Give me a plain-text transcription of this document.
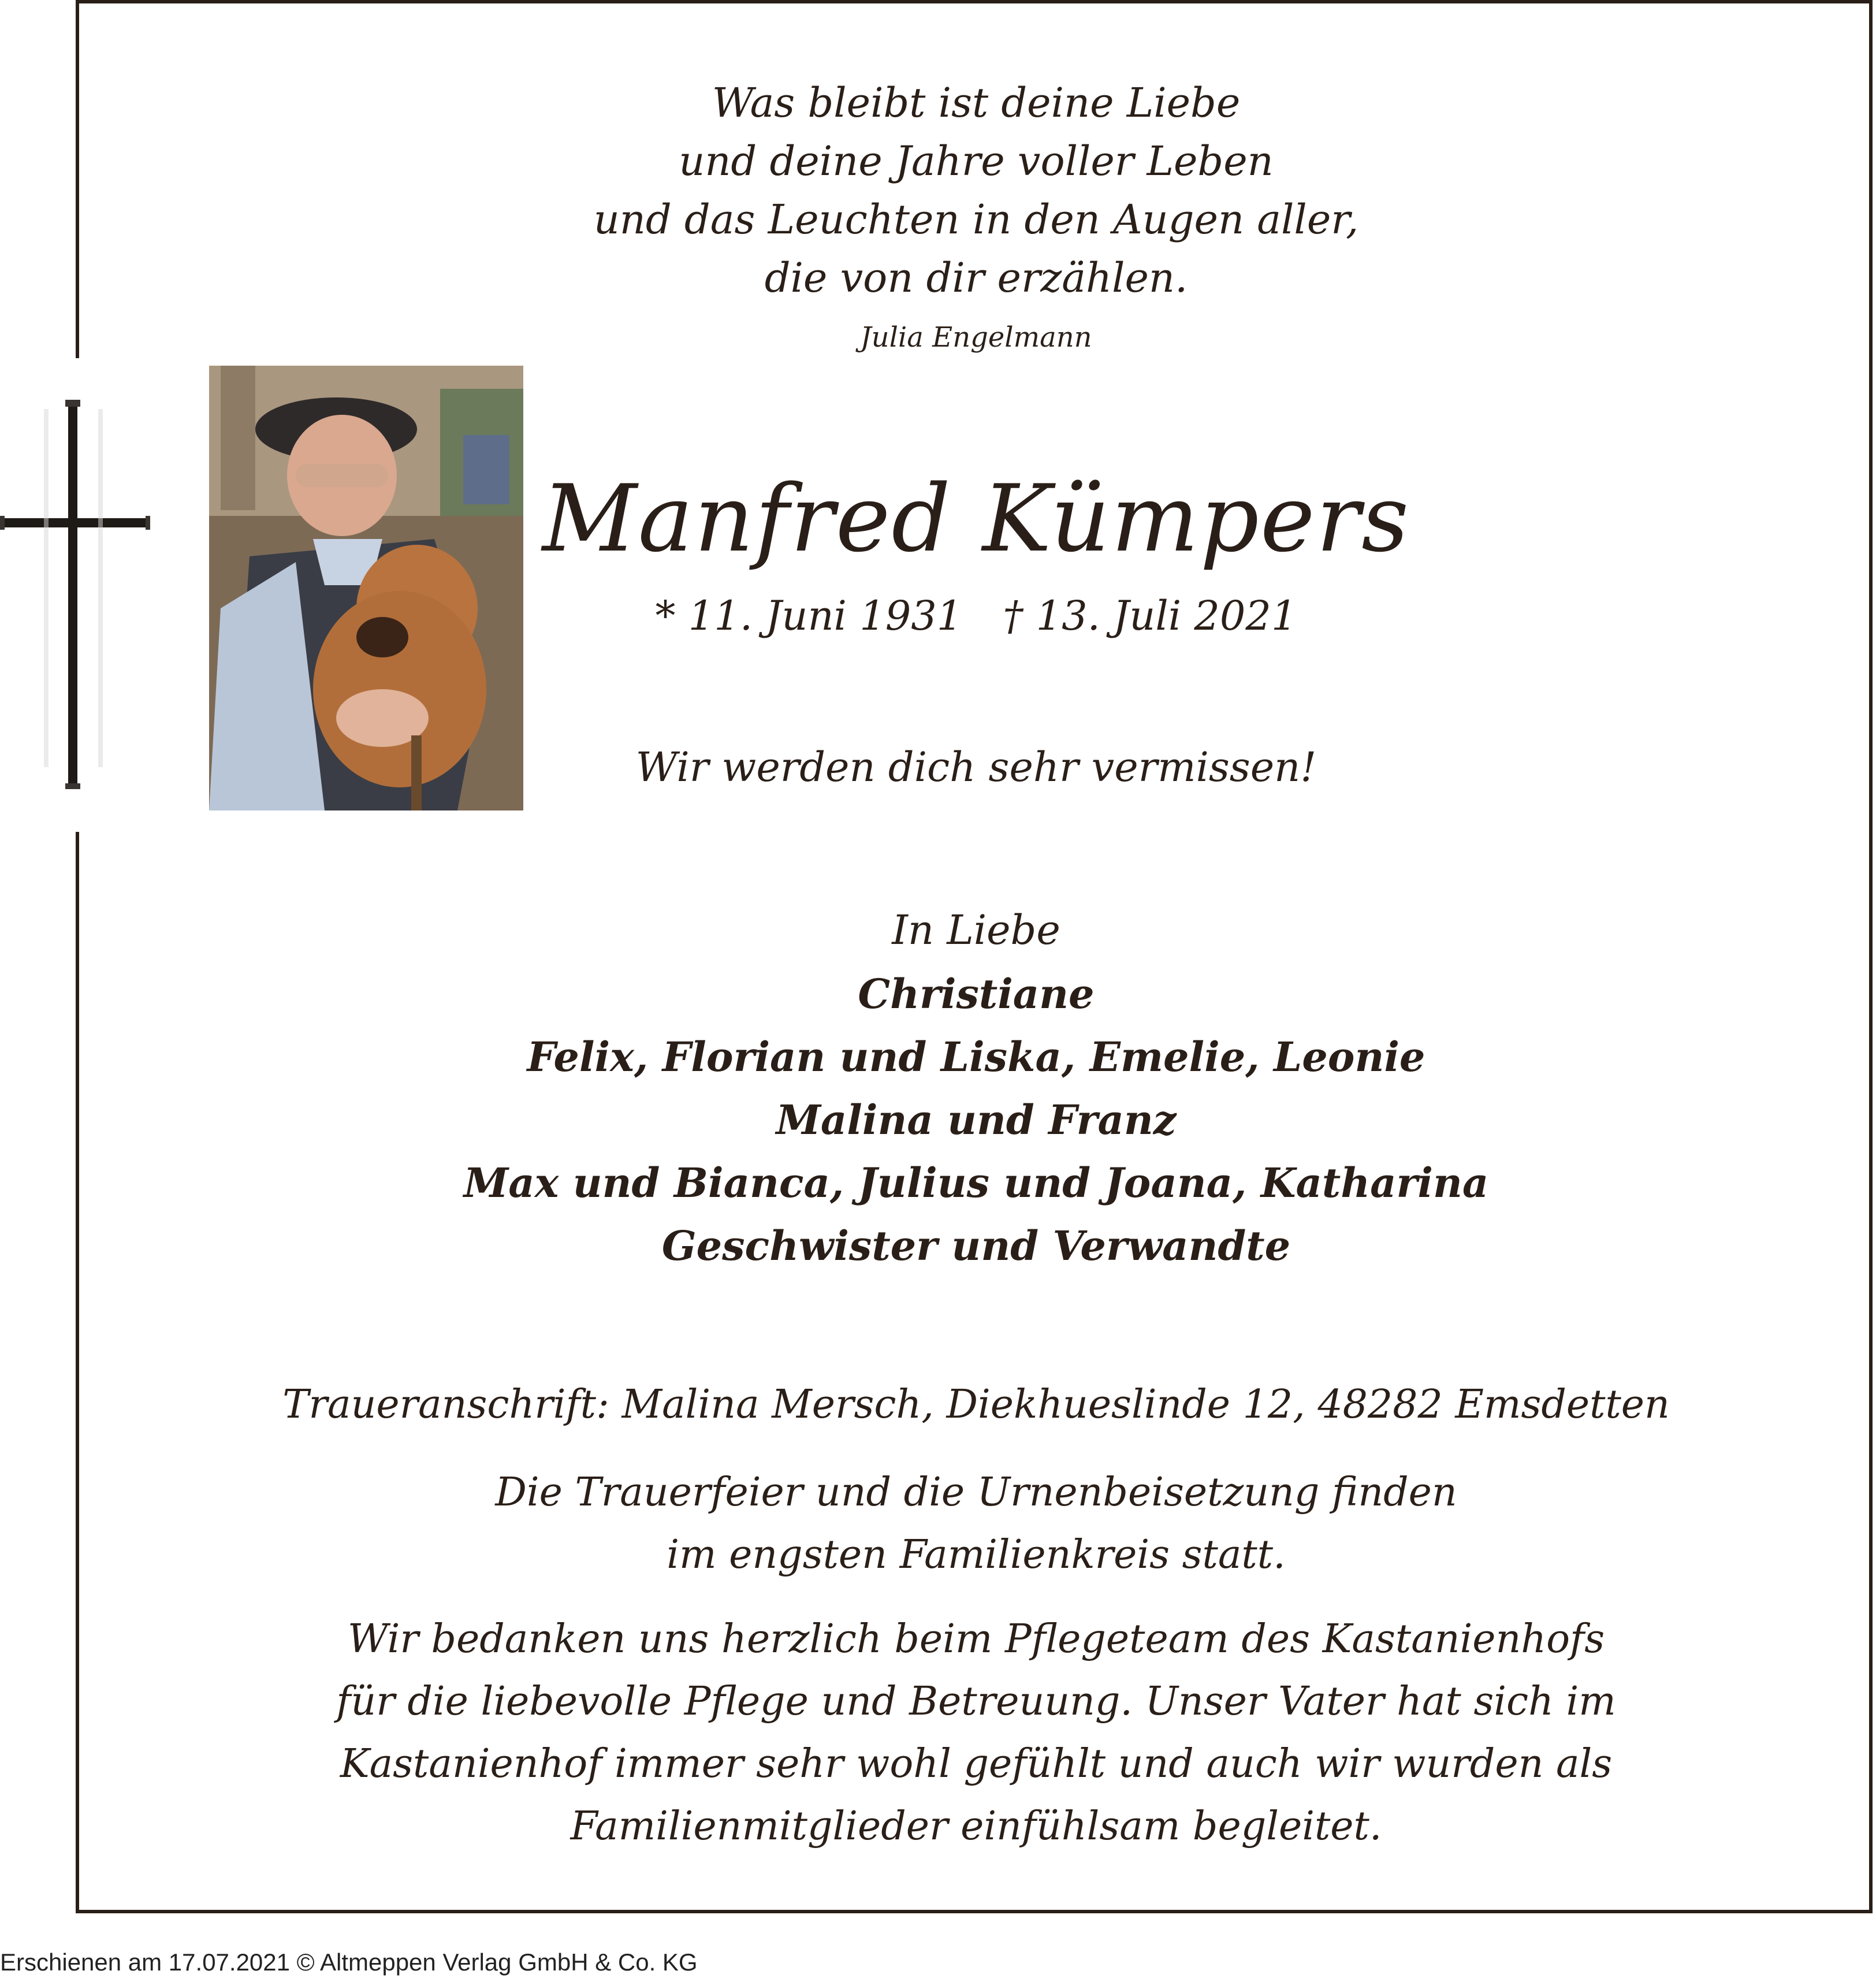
Was bleibt ist deine Liebe
und deine Jahre voller Leben
und das Leuchten in den Augen aller,
die von dir erzählen.
Julia Engelmann
Manfred Kümpers
* 11. Juni 1931 † 13. Juli 2021
Wir werden dich sehr vermissen!
In Liebe
Christiane
Felix, Florian und Liska, Emelie, Leonie
Malina und Franz
Max und Bianca, Julius und Joana, Katharina
Geschwister und Verwandte
Traueranschrift: Malina Mersch, Diekhueslinde 12, 48282 Emsdetten
Die Trauerfeier und die Urnenbeisetzung finden
im engsten Familienkreis statt.
Wir bedanken uns herzlich beim Pflegeteam des Kastanienhofs
für die liebevolle Pflege und Betreuung. Unser Vater hat sich im
Kastanienhof immer sehr wohl gefühlt und auch wir wurden als
Familienmitglieder einfühlsam begleitet.
Erschienen am 17.07.2021 © Altmeppen Verlag GmbH & Co. KG
